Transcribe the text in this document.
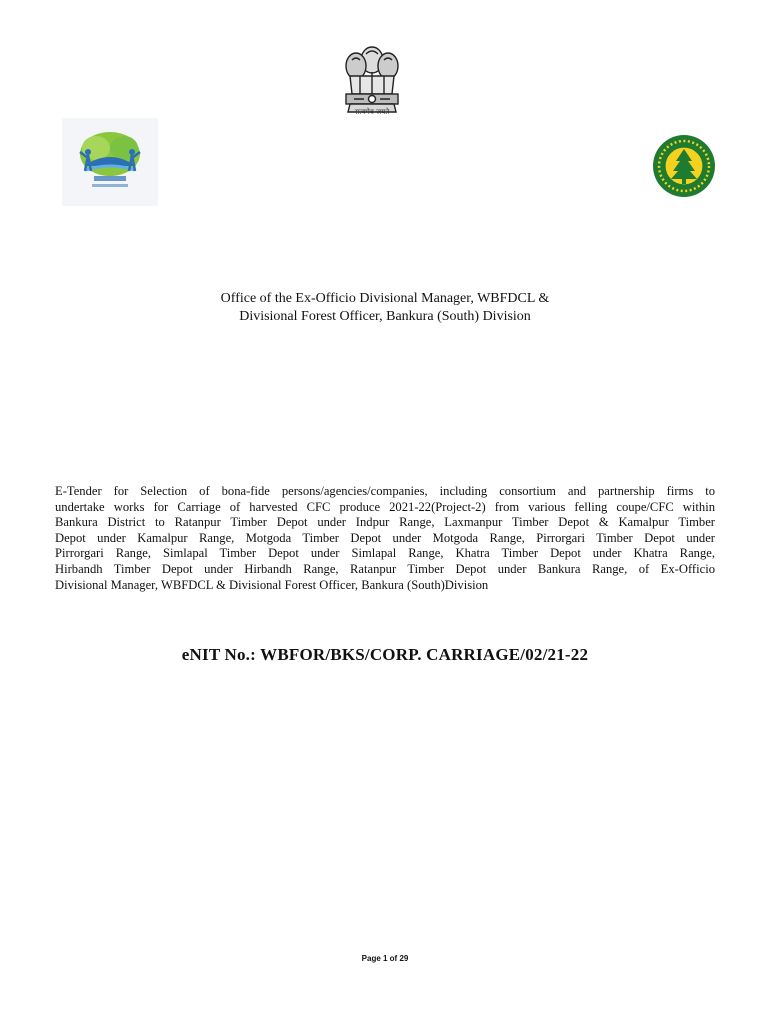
सत्यमेव जयते
Office of the Ex-Officio Divisional Manager, WBFDCL &
Divisional Forest Officer, Bankura (South) Division
E-Tender for Selection of bona-fide persons/agencies/companies, including consortium and partnership firms to
undertake works for Carriage of harvested CFC produce 2021-22(Project-2) from various felling coupe/CFC within
Bankura District to Ratanpur Timber Depot under Indpur Range, Laxmanpur Timber Depot & Kamalpur Timber
Depot under Kamalpur Range, Motgoda Timber Depot under Motgoda Range, Pirrorgari Timber Depot under
Pirrorgari Range, Simlapal Timber Depot under Simlapal Range, Khatra Timber Depot under Khatra Range,
Hirbandh Timber Depot under Hirbandh Range, Ratanpur Timber Depot under Bankura Range, of Ex-Officio
Divisional Manager, WBFDCL & Divisional Forest Officer, Bankura (South)Division
eNIT No.: WBFOR/BKS/CORP. CARRIAGE/02/21-22
Page 1 of 29
